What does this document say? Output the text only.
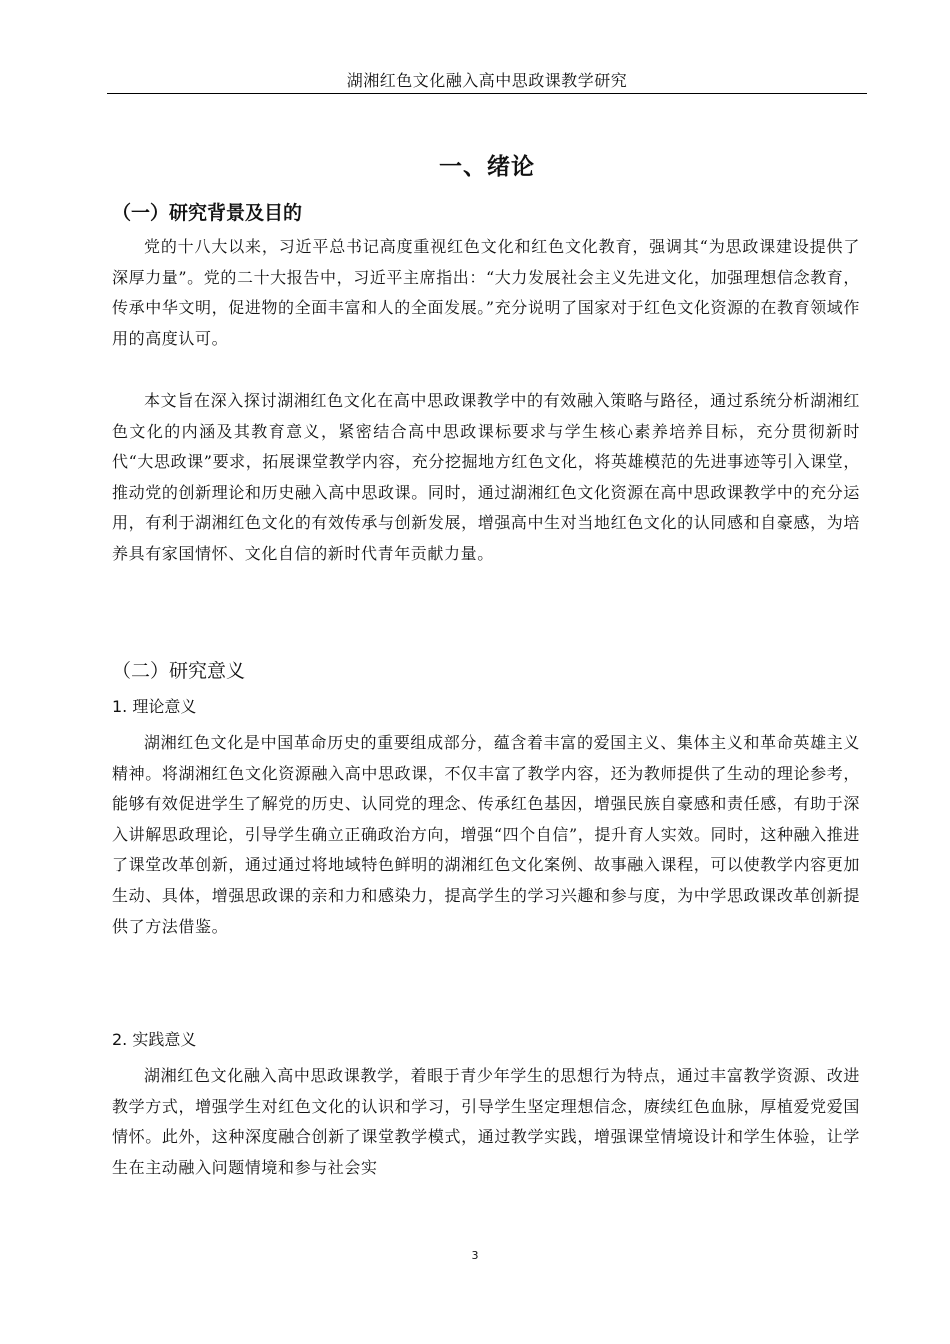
湖湘红色文化融入高中思政课教学研究
一、绪论
（一）研究背景及目的

党的十八大以来，习近平总书记高度重视红色文化和红色文化教育，强调其“为思政课建设提供了深厚力量”。党的二十大报告中，习近平主席指出：“大力发展社会主义先进文化，加强理想信念教育，传承中华文明，促进物的全面丰富和人的全面发展。”充分说明了国家对于红色文化资源的在教育领域作用的高度认可。

本文旨在深入探讨湖湘红色文化在高中思政课教学中的有效融入策略与路径，通过系统分析湖湘红色文化的内涵及其教育意义，紧密结合高中思政课标要求与学生核心素养培养目标，充分贯彻新时代“大思政课”要求，拓展课堂教学内容，充分挖掘地方红色文化，将英雄模范的先进事迹等引入课堂，推动党的创新理论和历史融入高中思政课。同时，通过湖湘红色文化资源在高中思政课教学中的充分运用，有利于湖湘红色文化的有效传承与创新发展，增强高中生对当地红色文化的认同感和自豪感，为培养具有家国情怀、文化自信的新时代青年贡献力量。

（二）研究意义
1. 理论意义

湖湘红色文化是中国革命历史的重要组成部分，蕴含着丰富的爱国主义、集体主义和革命英雄主义精神。将湖湘红色文化资源融入高中思政课，不仅丰富了教学内容，还为教师提供了生动的理论参考，能够有效促进学生了解党的历史、认同党的理念、传承红色基因，增强民族自豪感和责任感，有助于深入讲解思政理论，引导学生确立正确政治方向，增强“四个自信”，提升育人实效。同时，这种融入推进了课堂改革创新，通过通过将地域特色鲜明的湖湘红色文化案例、故事融入课程，可以使教学内容更加生动、具体，增强思政课的亲和力和感染力，提高学生的学习兴趣和参与度，为中学思政课改革创新提供了方法借鉴。

2. 实践意义

湖湘红色文化融入高中思政课教学，着眼于青少年学生的思想行为特点，通过丰富教学资源、改进教学方式，增强学生对红色文化的认识和学习，引导学生坚定理想信念，赓续红色血脉，厚植爱党爱国情怀。此外，这种深度融合创新了课堂教学模式，通过教学实践，增强课堂情境设计和学生体验，让学生在主动融入问题情境和参与社会实

3
